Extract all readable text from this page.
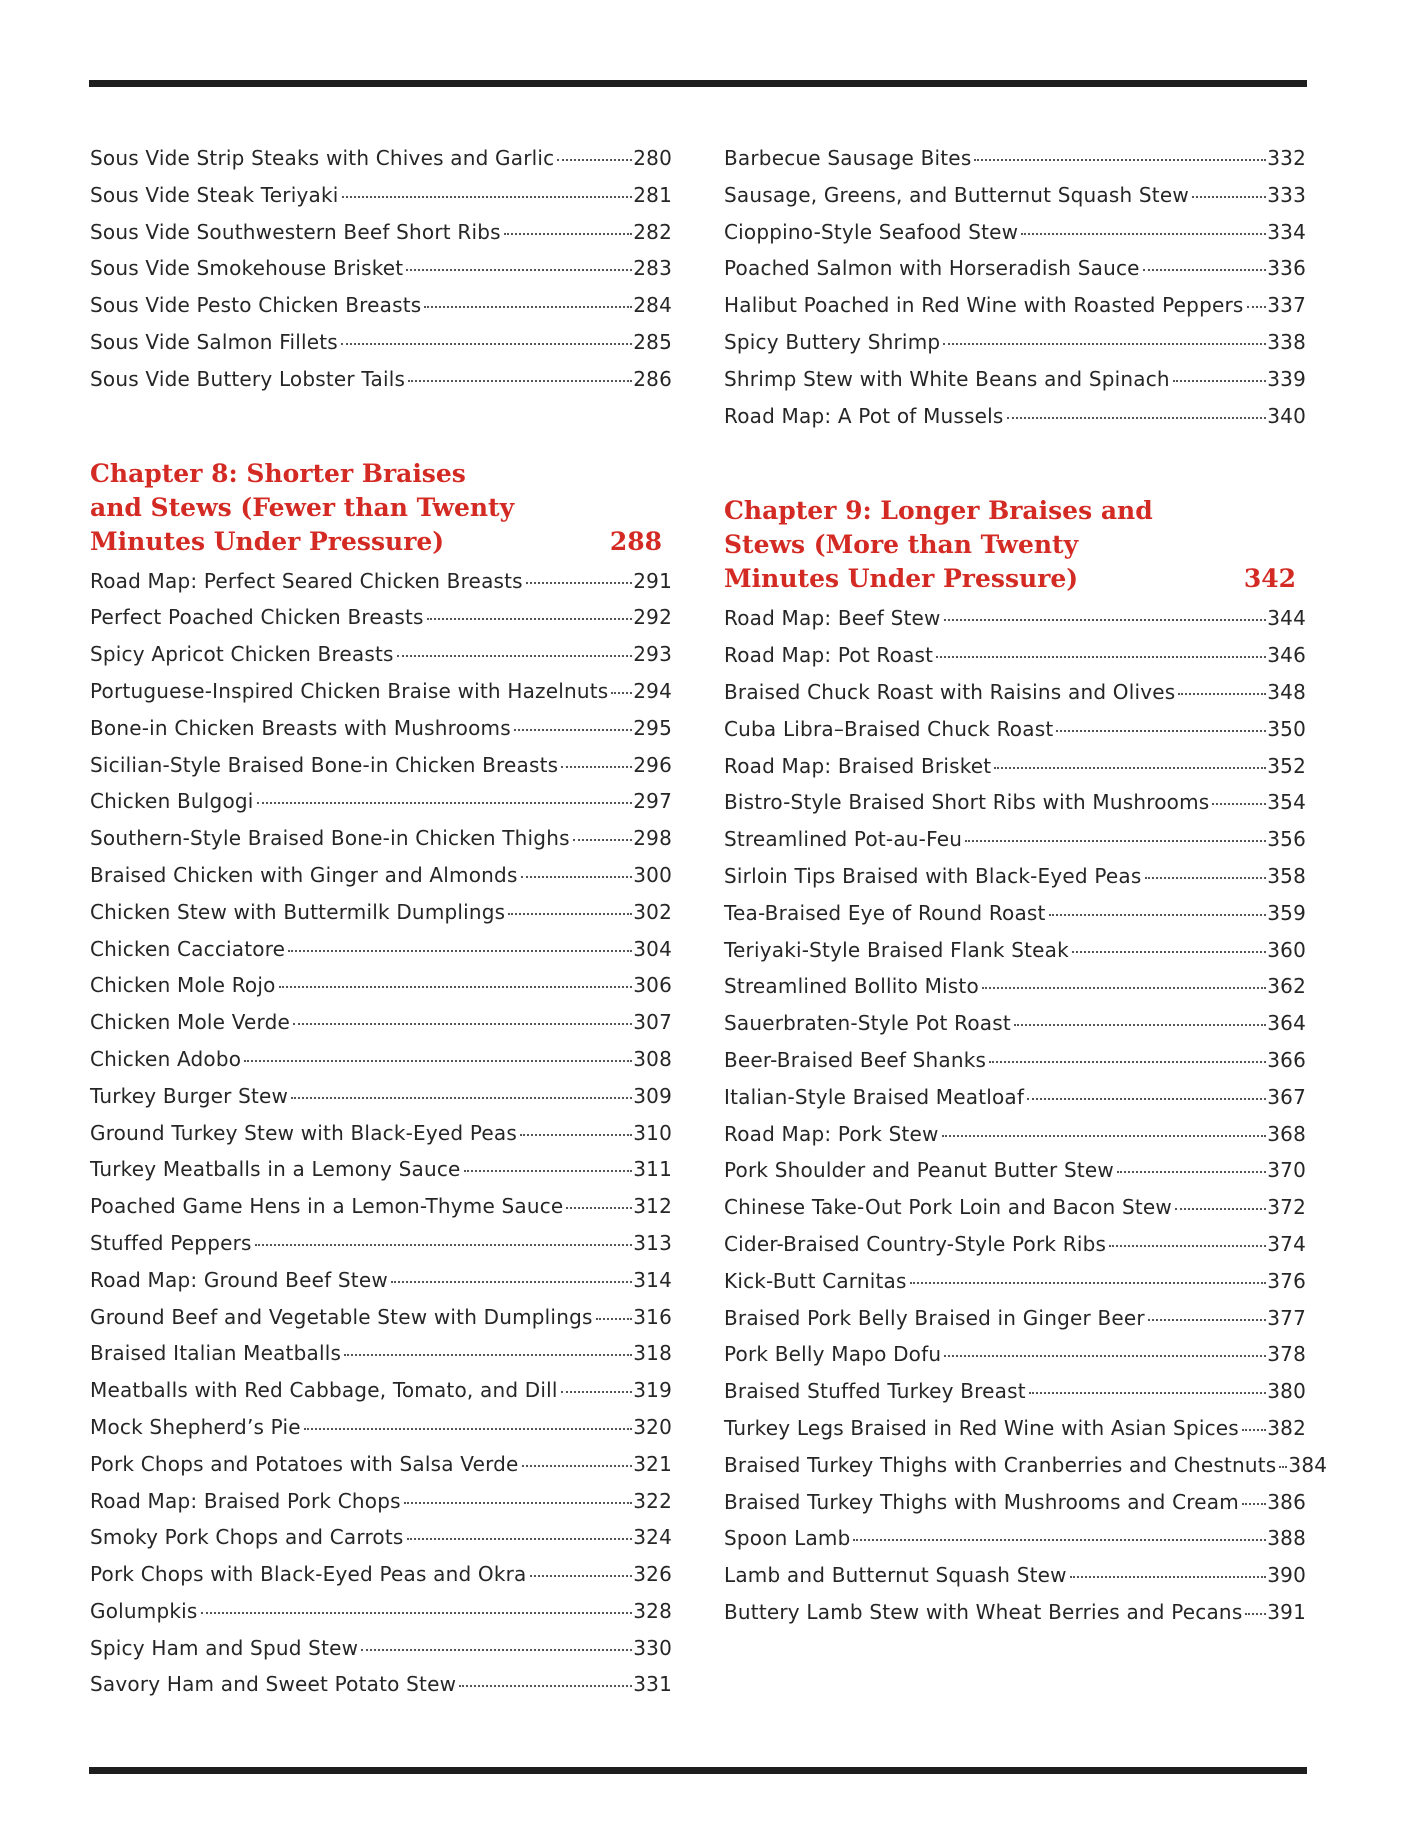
Sous Vide Strip Steaks with Chives and Garlic	280
Sous Vide Steak Teriyaki	281
Sous Vide Southwestern Beef Short Ribs	282
Sous Vide Smokehouse Brisket	283
Sous Vide Pesto Chicken Breasts	284
Sous Vide Salmon Fillets	285
Sous Vide Buttery Lobster Tails	286
Chapter 8: Shorter Braises
and Stews (Fewer than Twenty
Minutes Under Pressure)	288
Road Map: Perfect Seared Chicken Breasts	291
Perfect Poached Chicken Breasts	292
Spicy Apricot Chicken Breasts	293
Portuguese-Inspired Chicken Braise with Hazelnuts 294
Bone-in Chicken Breasts with Mushrooms	295
Sicilian-Style Braised Bone-in Chicken Breasts	296
Chicken Bulgogi	297
Southern-Style Braised Bone-in Chicken Thighs	298
Braised Chicken with Ginger and Almonds	300
Chicken Stew with Buttermilk Dumplings	302
Chicken Cacciatore	304
Chicken Mole Rojo	306
Chicken Mole Verde	307
Chicken Adobo	308
Turkey Burger Stew	309
Ground Turkey Stew with Black-Eyed Peas	310
Turkey Meatballs in a Lemony Sauce	311
Poached Game Hens in a Lemon-Thyme Sauce	312
Stuffed Peppers	313
Road Map: Ground Beef Stew	314
Ground Beef and Vegetable Stew with Dumplings 316
Braised Italian Meatballs	318
Meatballs with Red Cabbage, Tomato, and Dill	319
Mock Shepherd’s Pie	320
Pork Chops and Potatoes with Salsa Verde	321
Road Map: Braised Pork Chops	322
Smoky Pork Chops and Carrots	324
Pork Chops with Black-Eyed Peas and Okra	326
Golumpkis	328
Spicy Ham and Spud Stew	330
Savory Ham and Sweet Potato Stew	331
Barbecue Sausage Bites	332
Sausage, Greens, and Butternut Squash Stew	333
Cioppino-Style Seafood Stew	334
Poached Salmon with Horseradish Sauce	336
Halibut Poached in Red Wine with Roasted Peppers 337
Spicy Buttery Shrimp	338
Shrimp Stew with White Beans and Spinach	339
Road Map: A Pot of Mussels	340
Chapter 9: Longer Braises and
Stews (More than Twenty
Minutes Under Pressure)	342
Road Map: Beef Stew	344
Road Map: Pot Roast	346
Braised Chuck Roast with Raisins and Olives	348
Cuba Libra–Braised Chuck Roast	350
Road Map: Braised Brisket	352
Bistro-Style Braised Short Ribs with Mushrooms	354
Streamlined Pot-au-Feu	356
Sirloin Tips Braised with Black-Eyed Peas	358
Tea-Braised Eye of Round Roast	359
Teriyaki-Style Braised Flank Steak	360
Streamlined Bollito Misto	362
Sauerbraten-Style Pot Roast	364
Beer-Braised Beef Shanks	366
Italian-Style Braised Meatloaf	367
Road Map: Pork Stew	368
Pork Shoulder and Peanut Butter Stew	370
Chinese Take-Out Pork Loin and Bacon Stew	372
Cider-Braised Country-Style Pork Ribs	374
Kick-Butt Carnitas	376
Braised Pork Belly Braised in Ginger Beer	377
Pork Belly Mapo Dofu	378
Braised Stuffed Turkey Breast	380
Turkey Legs Braised in Red Wine with Asian Spices 382
Braised Turkey Thighs with Cranberries and Chestnuts 384
Braised Turkey Thighs with Mushrooms and Cream 386
Spoon Lamb	388
Lamb and Butternut Squash Stew	390
Buttery Lamb Stew with Wheat Berries and Pecans 391
